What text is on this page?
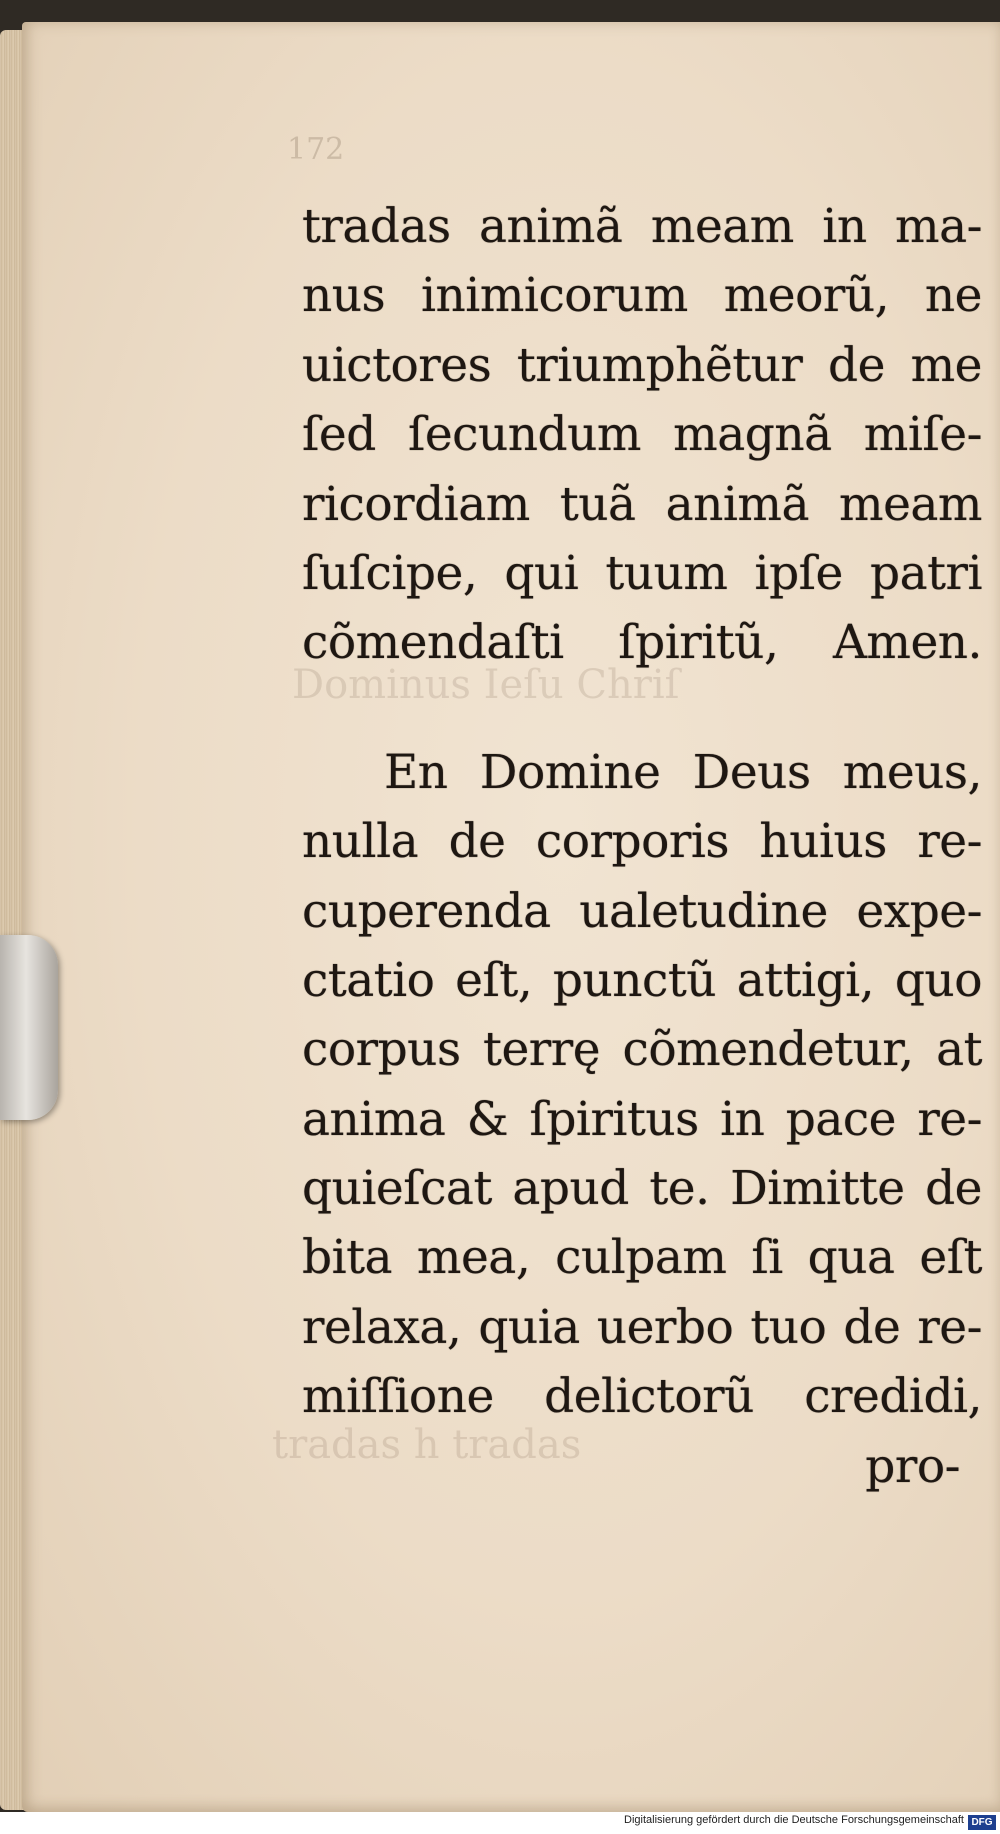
172
Dominus Ieſu Chriſ
tradas h tradas
tradas animã meam in ma‑
nus inimicorum meorũ, ne
uictores triumphẽtur de me
ſed ſecundum magnã miſe‑
ricordiam tuã animã meam
ſuſcipe, qui tuum ipſe patri
cõmendaſti ſpiritũ, Amen.
En Domine Deus meus,
nulla de corporis huius re‑
cuperenda ualetudine expe‑
ctatio eſt, punctũ attigi, quo
corpus terrę cõmendetur, at
anima & ſpiritus in pace re‑
quieſcat apud te. Dimitte de
bita mea, culpam ſi qua eſt
relaxa, quia uerbo tuo de re‑
miſſione delictorũ credidi,
pro‑
Digitalisierung gefördert durch die Deutsche Forschungsgemeinschaft DFG
